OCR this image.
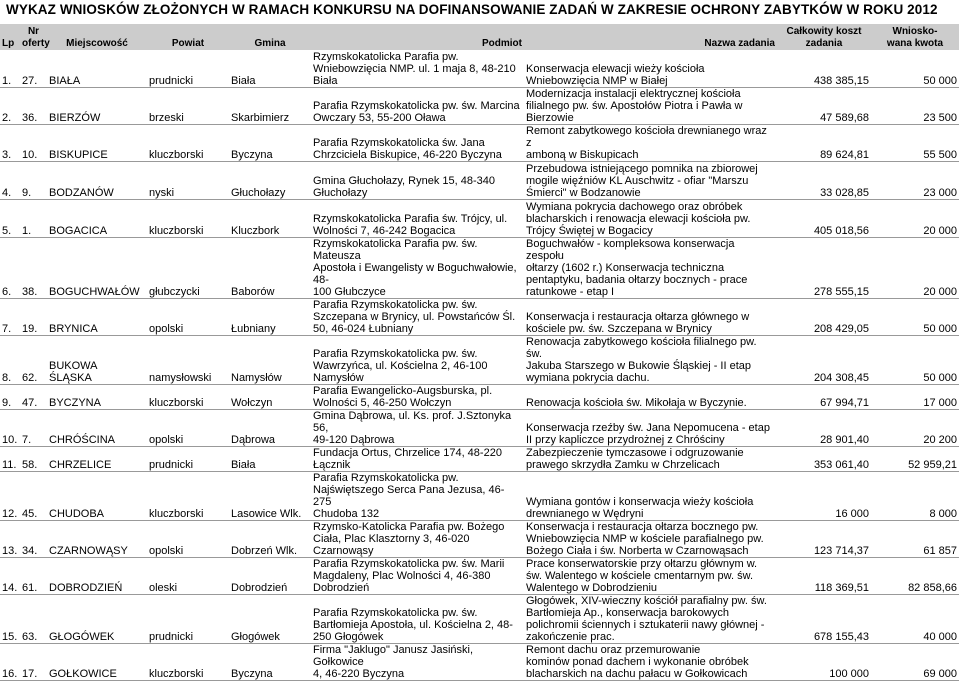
WYKAZ WNIOSKÓW ZŁOŻONYCH W RAMACH KONKURSU NA DOFINANSOWANIE ZADAŃ W ZAKRESIE OCHRONY ZABYTKÓW W ROKU 2012
Lp	Nr
oferty	Miejscowość	Powiat	Gmina	Podmiot	Nazwa zadania	Całkowity koszt
zadania	Wniosko-
wana kwota
1.	27.	BIAŁA	prudnicki	Biała	Rzymskokatolicka Parafia pw.
Wniebowzięcia NMP. ul. 1 maja 8, 48-210
Biała	Konserwacja elewacji wieży kościoła
Wniebowzięcia NMP w Białej	438 385,15	50 000
2.	36.	BIERZÓW	brzeski	Skarbimierz	Parafia Rzymskokatolicka pw. św. Marcina
Owczary 53, 55-200 Oława	Modernizacja instalacji elektrycznej kościoła
filialnego pw. św. Apostołów Piotra i Pawła w
Bierzowie	47 589,68	23 500
3.	10.	BISKUPICE	kluczborski	Byczyna	Parafia Rzymskokatolicka św. Jana
Chrzciciela Biskupice, 46-220 Byczyna	Remont zabytkowego kościoła drewnianego wraz z
amboną w Biskupicach	89 624,81	55 500
4.	9.	BODZANÓW	nyski	Głuchołazy	Gmina Głuchołazy, Rynek 15, 48-340
Głuchołazy	Przebudowa istniejącego pomnika na zbiorowej
mogile więźniów KL Auschwitz - ofiar "Marszu
Śmierci" w Bodzanowie	33 028,85	23 000
5.	1.	BOGACICA	kluczborski	Kluczbork	Rzymskokatolicka Parafia św. Trójcy, ul.
Wolności 7, 46-242 Bogacica	Wymiana pokrycia dachowego oraz obróbek
blacharskich i renowacja elewacji kościoła pw.
Trójcy Świętej w Bogacicy	405 018,56	20 000
6.	38.	BOGUCHWAŁÓW	głubczycki	Baborów	Rzymskokatolicka Parafia pw. św. Mateusza
Apostoła i Ewangelisty w Boguchwałowie, 48-
100 Głubczyce	Boguchwałów - kompleksowa konserwacja zespołu
ołtarzy (1602 r.) Konserwacja techniczna
pentaptyku, badania ołtarzy bocznych - prace
ratunkowe - etap I	278 555,15	20 000
7.	19.	BRYNICA	opolski	Łubniany	Parafia Rzymskokatolicka pw. św.
Szczepana w Brynicy, ul. Powstańców Śl.
50, 46-024 Łubniany	Konserwacja i restauracja ołtarza głównego w
kościele pw. św. Szczepana w Brynicy	208 429,05	50 000
8.	62.	BUKOWA
ŚLĄSKA	namysłowski	Namysłów	Parafia Rzymskokatolicka pw. św.
Wawrzyńca, ul. Kościelna 2, 46-100
Namysłów	Renowacja zabytkowego kościoła filialnego pw. św.
Jakuba Starszego w Bukowie Śląskiej - II etap
wymiana pokrycia dachu.	204 308,45	50 000
9.	47.	BYCZYNA	kluczborski	Wołczyn	Parafia Ewangelicko-Augsburska, pl.
Wolności 5, 46-250 Wołczyn	Renowacja kościoła św. Mikołaja w Byczynie.	67 994,71	17 000
10.	7.	CHRÓŚCINA	opolski	Dąbrowa	Gmina Dąbrowa, ul. Ks. prof. J.Sztonyka 56,
49-120 Dąbrowa	Konserwacja rzeźby św. Jana Nepomucena - etap
II przy kapliczce przydrożnej z Chróściny	28 901,40	20 200
11.	58.	CHRZELICE	prudnicki	Biała	Fundacja Ortus, Chrzelice 174, 48-220
Łącznik	Zabezpieczenie tymczasowe i odgruzowanie
prawego skrzydła Zamku w Chrzelicach	353 061,40	52 959,21
12.	45.	CHUDOBA	kluczborski	Lasowice Wlk.	Parafia Rzymskokatolicka pw.
Najświętszego Serca Pana Jezusa, 46-275
Chudoba 132	Wymiana gontów i konserwacja wieży kościoła
drewnianego w Wędryni	16 000	8 000
13.	34.	CZARNOWĄSY	opolski	Dobrzeń Wlk.	Rzymsko-Katolicka Parafia pw. Bożego
Ciała, Plac Klasztorny 3, 46-020
Czarnowąsy	Konserwacja i restauracja ołtarza bocznego pw.
Wniebowzięcia NMP w kościele parafialnego pw.
Bożego Ciała i św. Norberta w Czarnowąsach	123 714,37	61 857
14.	61.	DOBRODZIEŃ	oleski	Dobrodzień	Parafia Rzymskokatolicka pw. św. Marii
Magdaleny, Plac Wolności 4, 46-380
Dobrodzień	Prace konserwatorskie przy ołtarzu głównym w.
św. Walentego w kościele cmentarnym pw. św.
Walentego w Dobrodzieniu	118 369,51	82 858,66
15.	63.	GŁOGÓWEK	prudnicki	Głogówek	Parafia Rzymskokatolicka pw. św.
Bartłomieja Apostoła, ul. Kościelna 2, 48-
250 Głogówek	Głogówek, XIV-wieczny kościół parafialny pw. św.
Bartłomieja Ap., konserwacja barokowych
polichromii ściennych i sztukaterii nawy głównej -
zakończenie prac.	678 155,43	40 000
16.	17.	GOŁKOWICE	kluczborski	Byczyna	Firma "Jaklugo" Janusz Jasiński, Gołkowice
4, 46-220 Byczyna	Remont dachu oraz przemurowanie
kominów ponad dachem i wykonanie obróbek
blacharskich na dachu pałacu w Gołkowicach	100 000	69 000
